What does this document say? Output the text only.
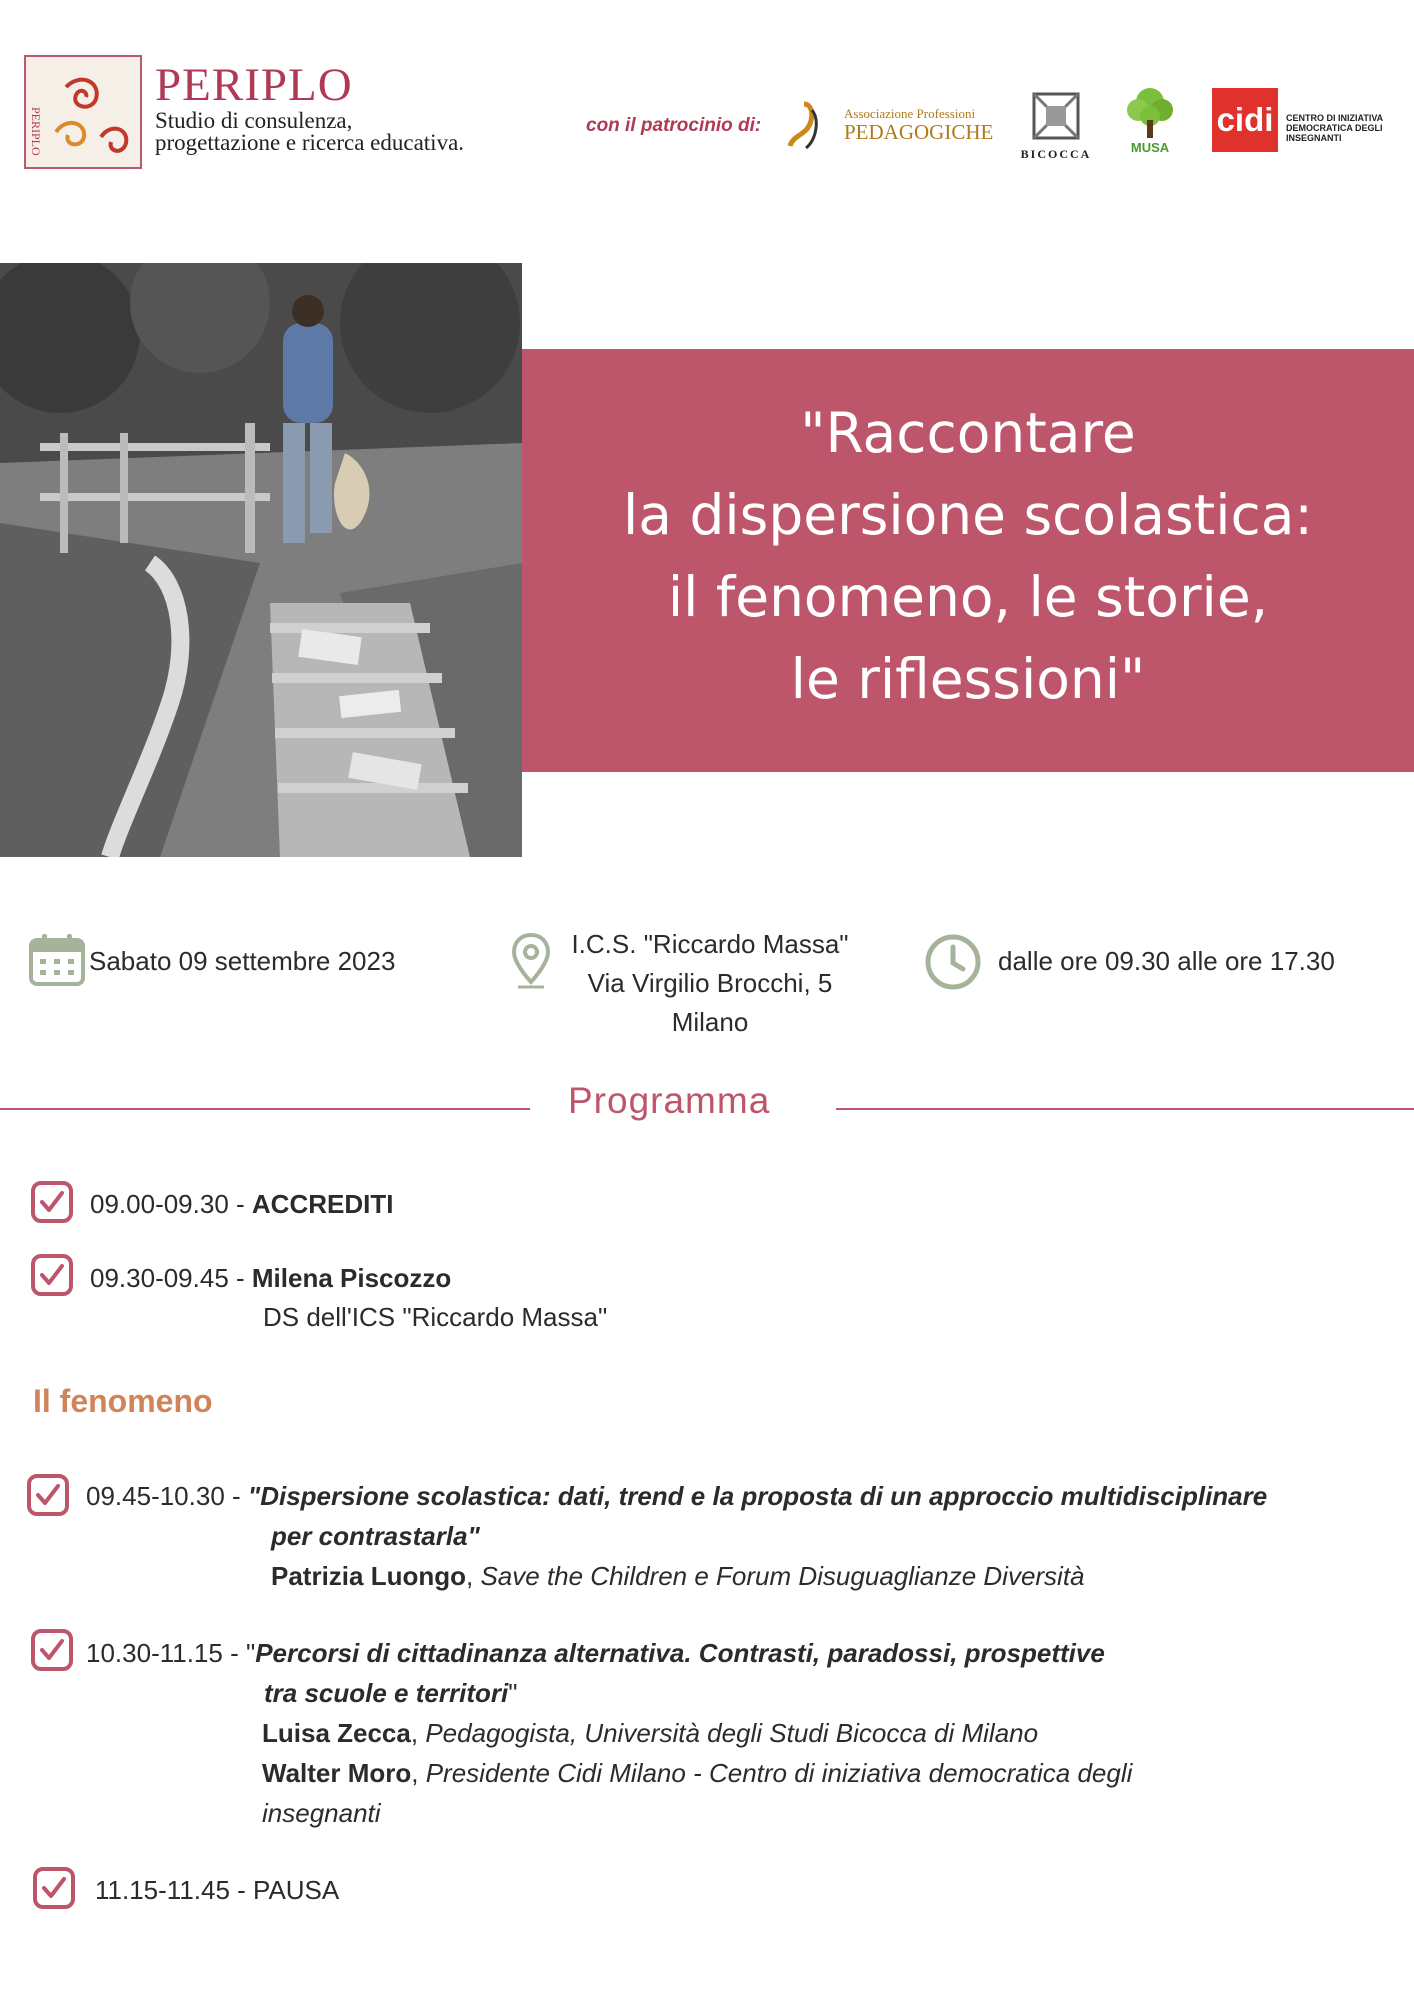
PERIPLO
PERIPLO
Studio di consulenza,
progettazione e ricerca educativa.
con il patrocinio di:
Associazione Professioni
PEDAGOGICHE
BICOCCA	MUSA
cidi	CENTRO DI INIZIATIVA DEMOCRATICA DEGLI INSEGNANTI
"Raccontare
la dispersione scolastica:
il fenomeno, le storie,
le riflessioni"
Sabato 09 settembre 2023
I.C.S. "Riccardo Massa"
Via Virgilio Brocchi, 5
Milano
dalle ore 09.30 alle ore 17.30
Programma
09.00-09.30 - ACCREDITI
09.30-09.45 - Milena Piscozzo
DS dell'ICS "Riccardo Massa"
Il fenomeno
09.45-10.30 - "Dispersione scolastica: dati, trend e la proposta di un approccio multidisciplinare
per contrastarla"
Patrizia Luongo, Save the Children e Forum Disuguaglianze Diversità
10.30-11.15 - "Percorsi di cittadinanza alternativa. Contrasti, paradossi, prospettive
tra scuole e territori"
Luisa Zecca, Pedagogista, Università degli Studi Bicocca di Milano
Walter Moro, Presidente Cidi Milano - Centro di iniziativa democratica degli
insegnanti
11.15-11.45 - PAUSA
